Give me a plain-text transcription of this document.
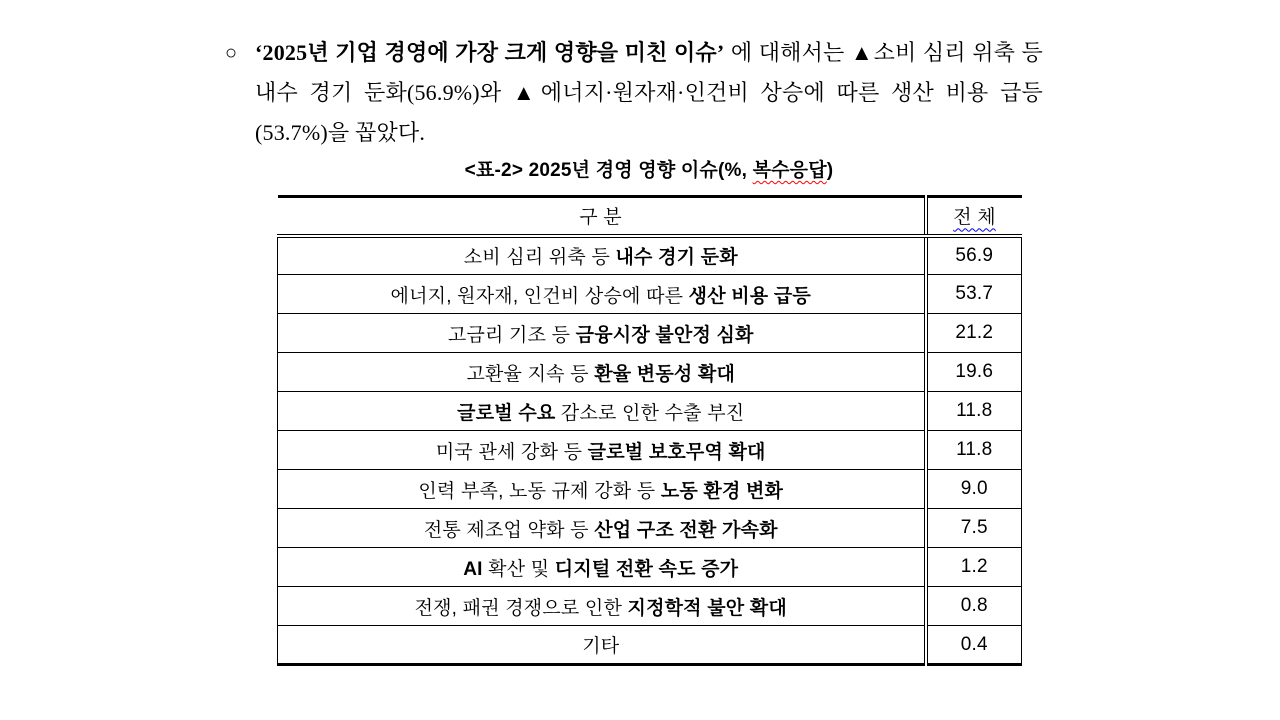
○ ‘2025년 기업 경영에 가장 크게 영향을 미친 이슈’ 에 대해서는 ▲소비 심리 위축 등 내수 경기 둔화(56.9%)와 ▲에너지·원자재·인건비 상승에 따른 생산 비용 급등(53.7%)을 꼽았다.

<표-2> 2025년 경영 영향 이슈(%, 복수응답)
구 분	전 체
소비 심리 위축 등 내수 경기 둔화	56.9
에너지, 원자재, 인건비 상승에 따른 생산 비용 급등	53.7
고금리 기조 등 금융시장 불안정 심화	21.2
고환율 지속 등 환율 변동성 확대	19.6
글로벌 수요 감소로 인한 수출 부진	11.8
미국 관세 강화 등 글로벌 보호무역 확대	11.8
인력 부족, 노동 규제 강화 등 노동 환경 변화	9.0
전통 제조업 약화 등 산업 구조 전환 가속화	7.5
AI 확산 및 디지털 전환 속도 증가	1.2
전쟁, 패권 경쟁으로 인한 지정학적 불안 확대	0.8
기타	0.4
